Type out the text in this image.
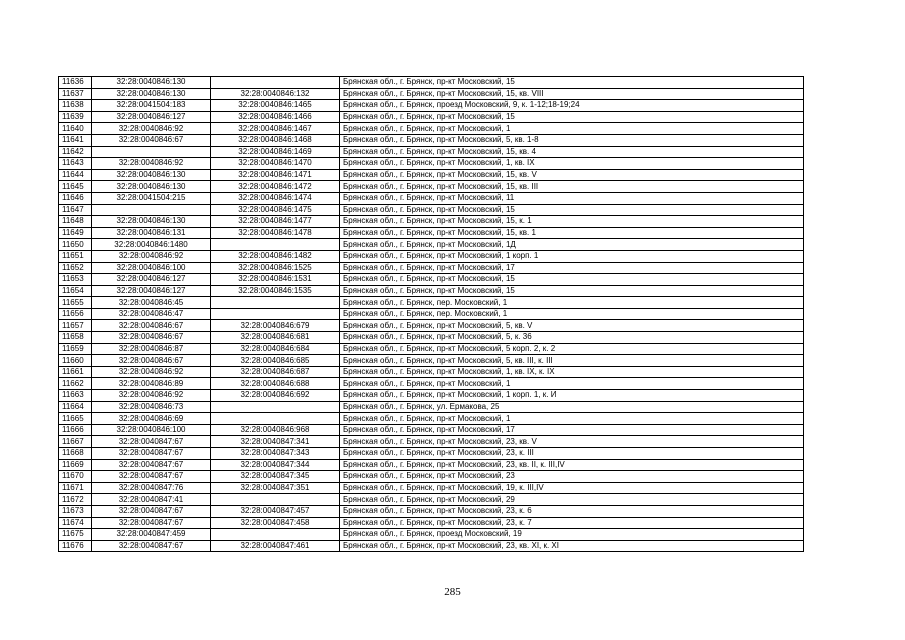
11636	32:28:0040846:130		Брянская обл., г. Брянск, пр-кт Московский, 15
11637	32:28:0040846:130	32:28:0040846:132	Брянская обл., г. Брянск, пр-кт Московский, 15, кв. VIII
11638	32:28:0041504:183	32:28:0040846:1465	Брянская обл., г. Брянск, проезд Московский, 9, к. 1-12;18-19;24
11639	32:28:0040846:127	32:28:0040846:1466	Брянская обл., г. Брянск, пр-кт Московский, 15
11640	32:28:0040846:92	32:28:0040846:1467	Брянская обл., г. Брянск, пр-кт Московский, 1
11641	32:28:0040846:67	32:28:0040846:1468	Брянская обл., г. Брянск, пр-кт Московский, 5, кв. 1-8
11642		32:28:0040846:1469	Брянская обл., г. Брянск, пр-кт Московский, 15, кв. 4
11643	32:28:0040846:92	32:28:0040846:1470	Брянская обл., г. Брянск, пр-кт Московский, 1, кв. IX
11644	32:28:0040846:130	32:28:0040846:1471	Брянская обл., г. Брянск, пр-кт Московский, 15, кв. V
11645	32:28:0040846:130	32:28:0040846:1472	Брянская обл., г. Брянск, пр-кт Московский, 15, кв. III
11646	32:28:0041504:215	32:28:0040846:1474	Брянская обл., г. Брянск, пр-кт Московский, 11
11647		32:28:0040846:1475	Брянская обл., г. Брянск, пр-кт Московский, 15
11648	32:28:0040846:130	32:28:0040846:1477	Брянская обл., г. Брянск, пр-кт Московский, 15, к. 1
11649	32:28:0040846:131	32:28:0040846:1478	Брянская обл., г. Брянск, пр-кт Московский, 15, кв. 1
11650	32:28:0040846:1480		Брянская обл., г. Брянск, пр-кт Московский, 1Д
11651	32:28:0040846:92	32:28:0040846:1482	Брянская обл., г. Брянск, пр-кт Московский, 1 корп. 1
11652	32:28:0040846:100	32:28:0040846:1525	Брянская обл., г. Брянск, пр-кт Московский, 17
11653	32:28:0040846:127	32:28:0040846:1531	Брянская обл., г. Брянск, пр-кт Московский, 15
11654	32:28:0040846:127	32:28:0040846:1535	Брянская обл., г. Брянск, пр-кт Московский, 15
11655	32:28:0040846:45		Брянская обл., г. Брянск, пер. Московский, 1
11656	32:28:0040846:47		Брянская обл., г. Брянск, пер. Московский, 1
11657	32:28:0040846:67	32:28:0040846:679	Брянская обл., г. Брянск, пр-кт Московский, 5, кв. V
11658	32:28:0040846:67	32:28:0040846:681	Брянская обл., г. Брянск, пр-кт Московский, 5, к. 36
11659	32:28:0040846:87	32:28:0040846:684	Брянская обл., г. Брянск, пр-кт Московский, 5 корп. 2, к. 2
11660	32:28:0040846:67	32:28:0040846:685	Брянская обл., г. Брянск, пр-кт Московский, 5, кв. III, к. III
11661	32:28:0040846:92	32:28:0040846:687	Брянская обл., г. Брянск, пр-кт Московский, 1, кв. IX, к. IX
11662	32:28:0040846:89	32:28:0040846:688	Брянская обл., г. Брянск, пр-кт Московский, 1
11663	32:28:0040846:92	32:28:0040846:692	Брянская обл., г. Брянск, пр-кт Московский, 1 корп. 1, к. И
11664	32:28:0040846:73		Брянская обл., г. Брянск, ул. Ермакова, 25
11665	32:28:0040846:69		Брянская обл., г. Брянск, пр-кт Московский, 1
11666	32:28:0040846:100	32:28:0040846:968	Брянская обл., г. Брянск, пр-кт Московский, 17
11667	32:28:0040847:67	32:28:0040847:341	Брянская обл., г. Брянск, пр-кт Московский, 23, кв. V
11668	32:28:0040847:67	32:28:0040847:343	Брянская обл., г. Брянск, пр-кт Московский, 23, к. III
11669	32:28:0040847:67	32:28:0040847:344	Брянская обл., г. Брянск, пр-кт Московский, 23, кв. II, к. III,IV
11670	32:28:0040847:67	32:28:0040847:345	Брянская обл., г. Брянск, пр-кт Московский, 23
11671	32:28:0040847:76	32:28:0040847:351	Брянская обл., г. Брянск, пр-кт Московский, 19, к. III,IV
11672	32:28:0040847:41		Брянская обл., г. Брянск, пр-кт Московский, 29
11673	32:28:0040847:67	32:28:0040847:457	Брянская обл., г. Брянск, пр-кт Московский, 23, к. 6
11674	32:28:0040847:67	32:28:0040847:458	Брянская обл., г. Брянск, пр-кт Московский, 23, к. 7
11675	32:28:0040847:459		Брянская обл., г. Брянск, проезд Московский, 19
11676	32:28:0040847:67	32:28:0040847:461	Брянская обл., г. Брянск, пр-кт Московский, 23, кв. XI, к. XI
285
